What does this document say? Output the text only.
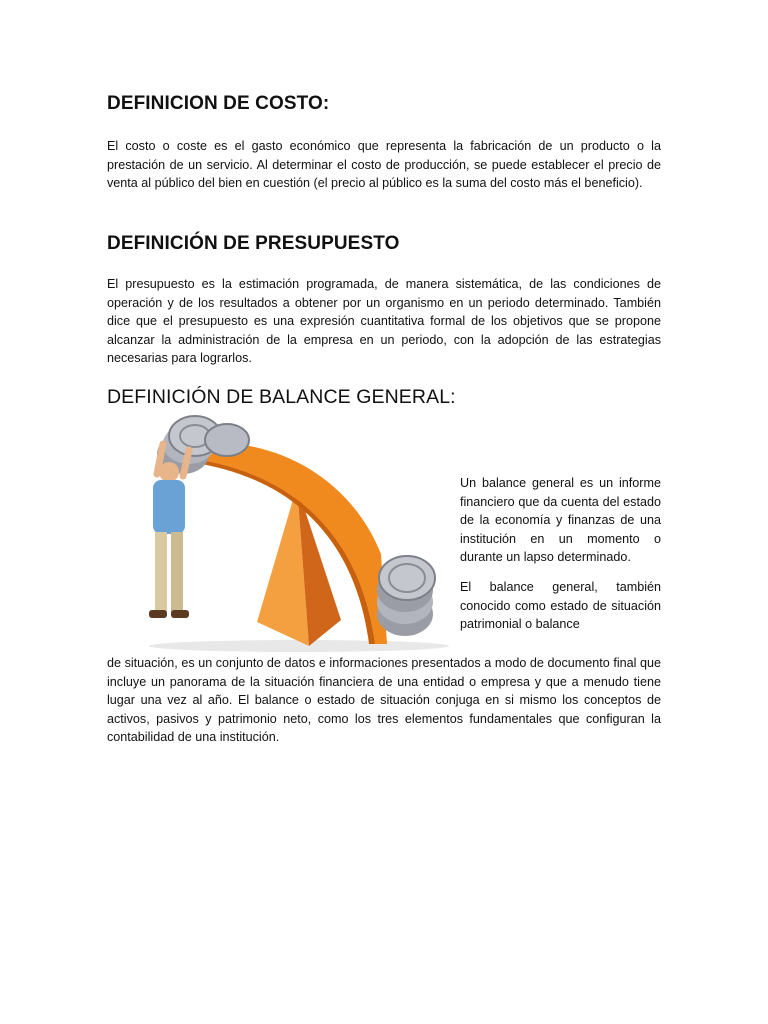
DEFINICION DE COSTO:

El costo o coste es el gasto económico que representa la fabricación de un producto o la prestación de un servicio. Al determinar el costo de producción, se puede establecer el precio de venta al público del bien en cuestión (el precio al público es la suma del costo más el beneficio).

DEFINICIÓN DE PRESUPUESTO

El presupuesto es la estimación programada, de manera sistemática, de las condiciones de operación y de los resultados a obtener por un organismo en un periodo determinado. También dice que el presupuesto es una expresión cuantitativa formal de los objetivos que se propone alcanzar la administración de la empresa en un periodo, con la adopción de las estrategias necesarias para lograrlos.

DEFINICIÓN DE BALANCE GENERAL:

Un balance general es un informe financiero que da cuenta del estado de la economía y finanzas de una institución en un momento o durante un lapso determinado.

El balance general, también conocido como estado de situación patrimonial o balance

de situación, es un conjunto de datos e informaciones presentados a modo de documento final que incluye un panorama de la situación financiera de una entidad o empresa y que a menudo tiene lugar una vez al año. El balance o estado de situación conjuga en si mismo los conceptos de activos, pasivos y patrimonio neto, como los tres elementos fundamentales que configuran la contabilidad de una institución.
